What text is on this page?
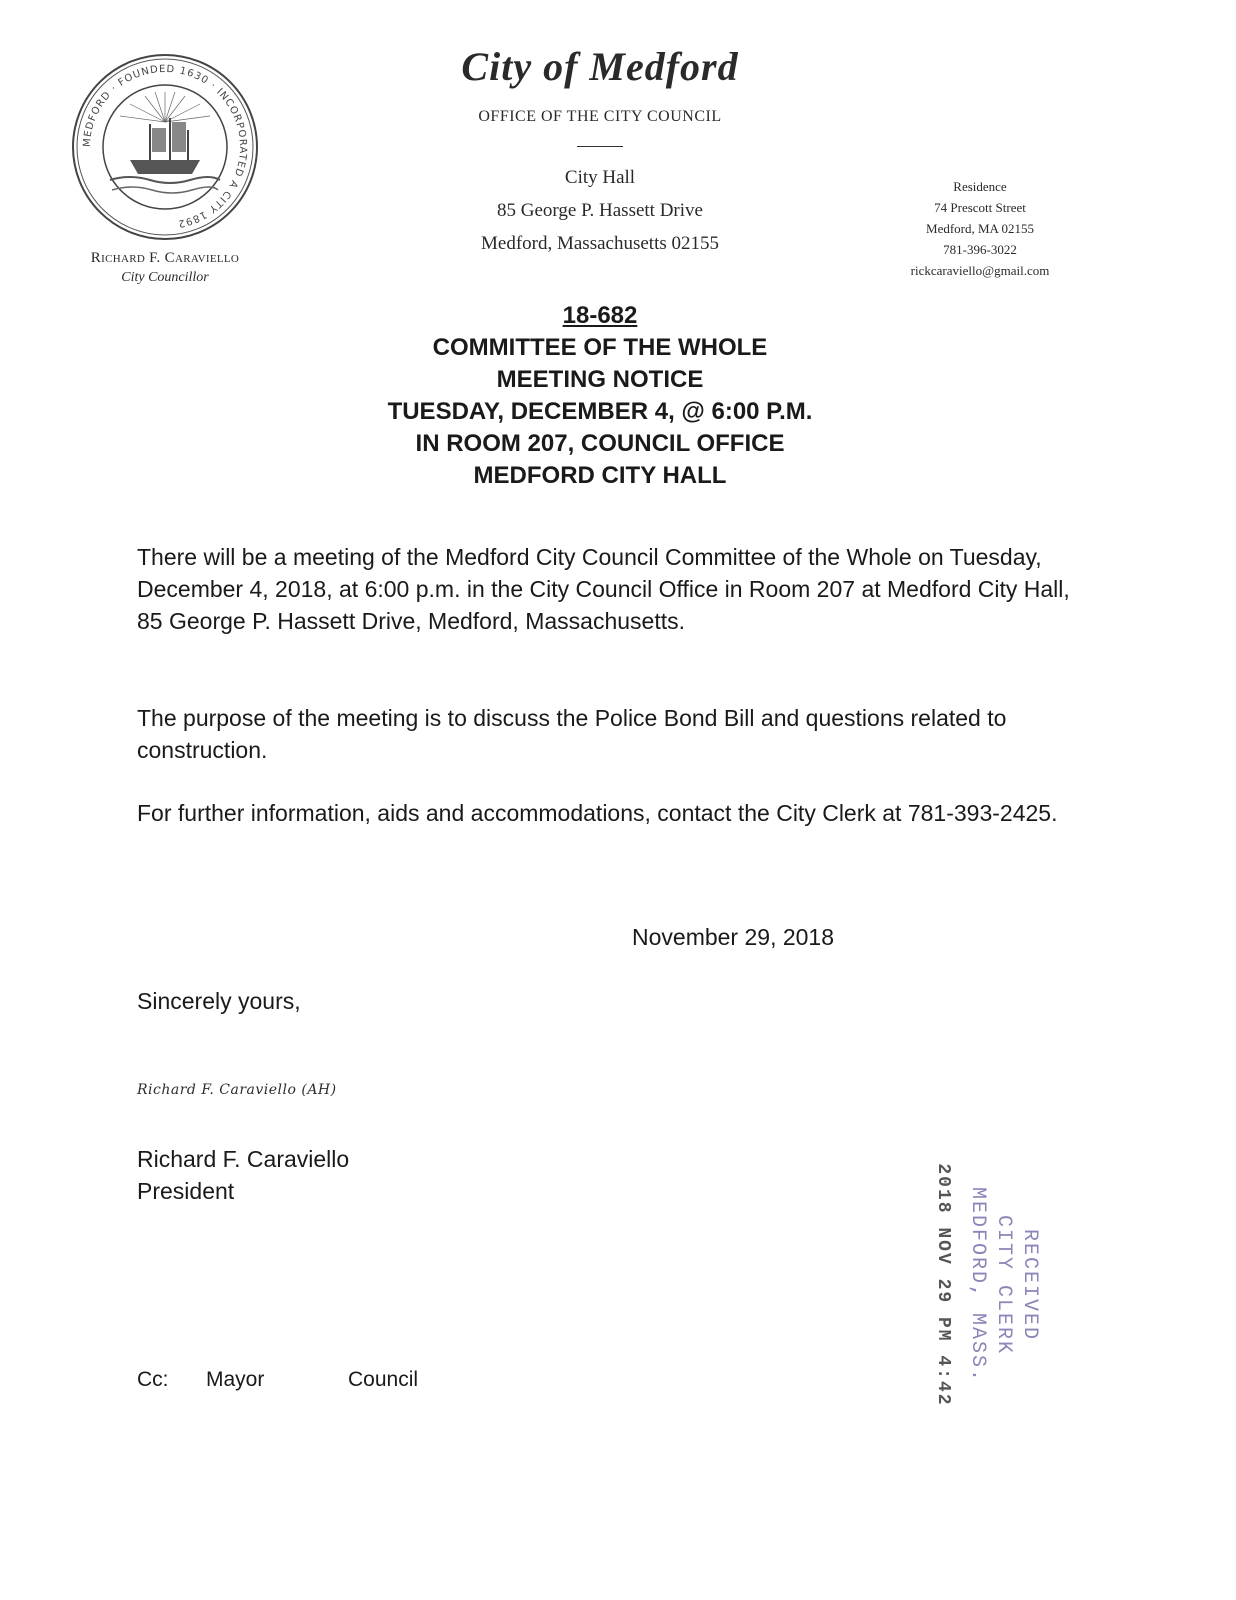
MEDFORD · FOUNDED 1630 · INCORPORATED A CITY 1892
Richard F. Caraviello
City Councillor
City of Medford
OFFICE OF THE CITY COUNCIL
City Hall
85 George P. Hassett Drive
Medford, Massachusetts 02155
Residence
74 Prescott Street
Medford, MA 02155
781-396-3022
rickcaraviello@gmail.com
18-682
COMMITTEE OF THE WHOLE
MEETING NOTICE
TUESDAY, DECEMBER 4, @ 6:00 P.M.
IN ROOM 207, COUNCIL OFFICE
MEDFORD CITY HALL
There will be a meeting of the Medford City Council Committee of the Whole on Tuesday, December 4, 2018, at 6:00 p.m. in the City Council Office in Room 207 at Medford City Hall, 85 George P. Hassett Drive, Medford, Massachusetts.
The purpose of the meeting is to discuss the Police Bond Bill and questions related to construction.
For further information, aids and accommodations, contact the City Clerk at 781-393-2425.
November 29, 2018
Sincerely yours,
Richard F. Caraviello (AH)
Richard F. Caraviello
President
Cc: Mayor	Council
RECEIVED
CITY CLERK
MEDFORD, MASS.
2018 NOV 29 PM 4:42
